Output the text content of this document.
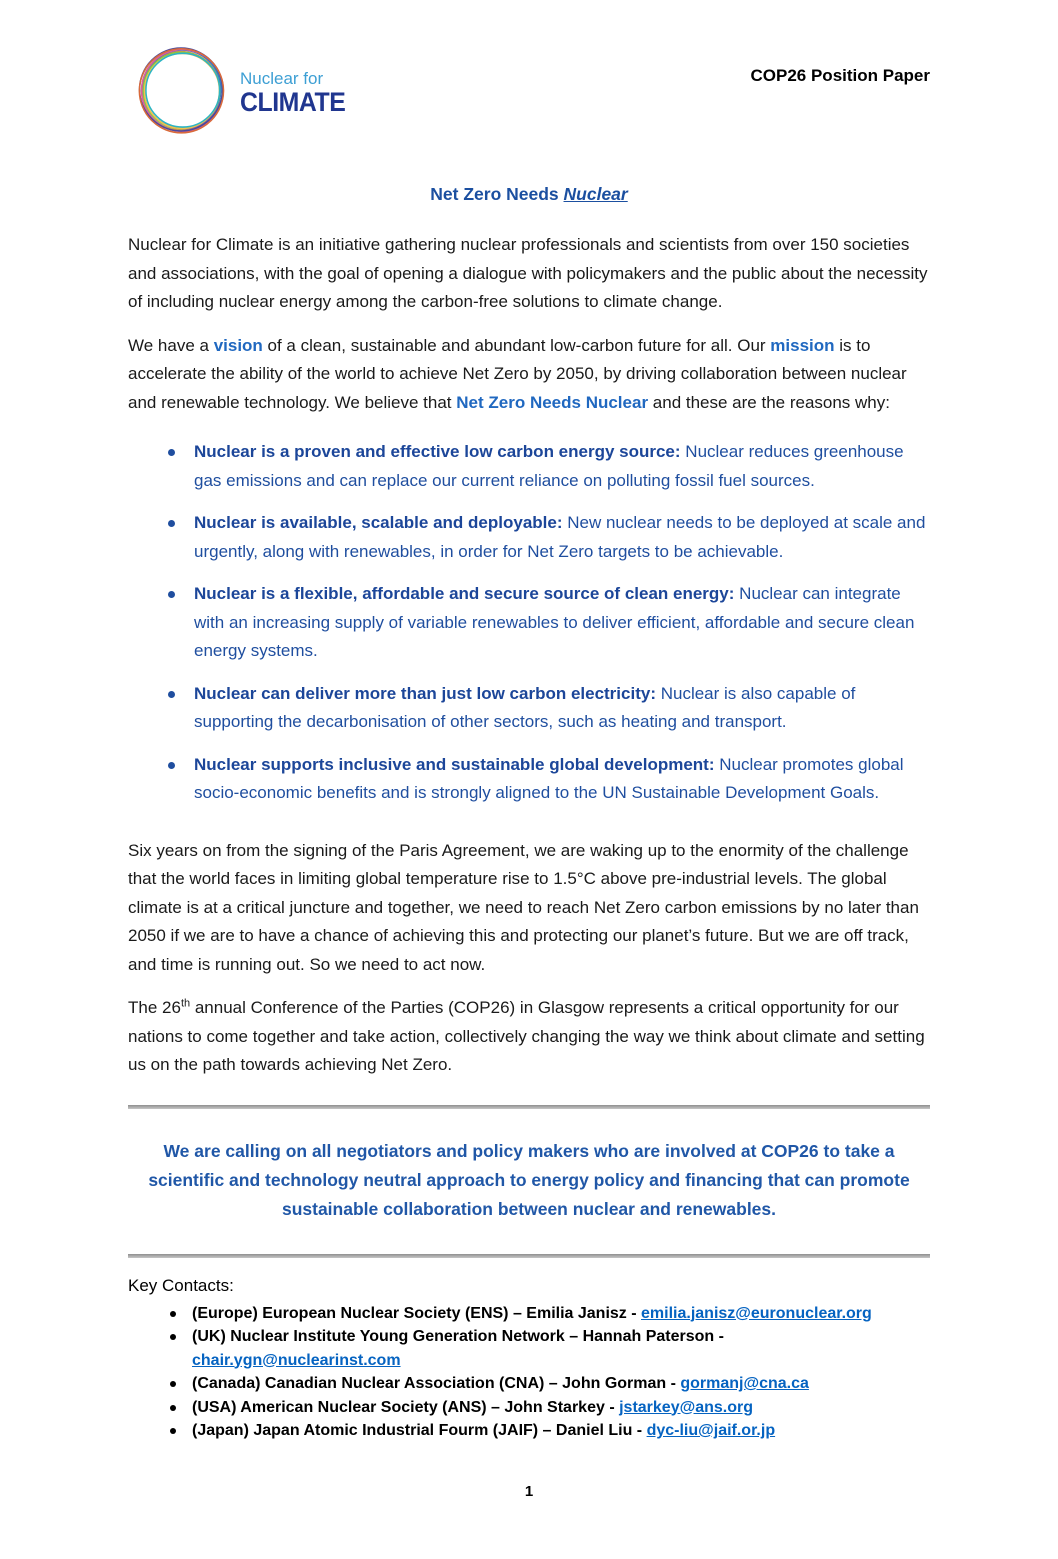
Nuclear for
CLIMATE
COP26 Position Paper
Net Zero Needs Nuclear

Nuclear for Climate is an initiative gathering nuclear professionals and scientists from over 150 societies and associations, with the goal of opening a dialogue with policymakers and the public about the necessity of including nuclear energy among the carbon-free solutions to climate change.

We have a vision of a clean, sustainable and abundant low-carbon future for all. Our mission is to accelerate the ability of the world to achieve Net Zero by 2050, by driving collaboration between nuclear and renewable technology. We believe that Net Zero Needs Nuclear and these are the reasons why:

Nuclear is a proven and effective low carbon energy source: Nuclear reduces greenhouse gas emissions and can replace our current reliance on polluting fossil fuel sources.
Nuclear is available, scalable and deployable: New nuclear needs to be deployed at scale and urgently, along with renewables, in order for Net Zero targets to be achievable.
Nuclear is a flexible, affordable and secure source of clean energy: Nuclear can integrate with an increasing supply of variable renewables to deliver efficient, affordable and secure clean energy systems.
Nuclear can deliver more than just low carbon electricity: Nuclear is also capable of supporting the decarbonisation of other sectors, such as heating and transport.
Nuclear supports inclusive and sustainable global development: Nuclear promotes global socio-economic benefits and is strongly aligned to the UN Sustainable Development Goals.

Six years on from the signing of the Paris Agreement, we are waking up to the enormity of the challenge that the world faces in limiting global temperature rise to 1.5°C above pre-industrial levels. The global climate is at a critical juncture and together, we need to reach Net Zero carbon emissions by no later than 2050 if we are to have a chance of achieving this and protecting our planet’s future. But we are off track, and time is running out. So we need to act now.

The 26th annual Conference of the Parties (COP26) in Glasgow represents a critical opportunity for our nations to come together and take action, collectively changing the way we think about climate and setting us on the path towards achieving Net Zero.

We are calling on all negotiators and policy makers who are involved at COP26 to take a scientific and technology neutral approach to energy policy and financing that can promote sustainable collaboration between nuclear and renewables.
Key Contacts:
(Europe) European Nuclear Society (ENS) – Emilia Janisz - emilia.janisz@euronuclear.org
(UK) Nuclear Institute Young Generation Network – Hannah Paterson - chair.ygn@nuclearinst.com
(Canada) Canadian Nuclear Association (CNA) – John Gorman - gormanj@cna.ca
(USA) American Nuclear Society (ANS) – John Starkey - jstarkey@ans.org
(Japan) Japan Atomic Industrial Fourm (JAIF) – Daniel Liu - dyc-liu@jaif.or.jp
1
